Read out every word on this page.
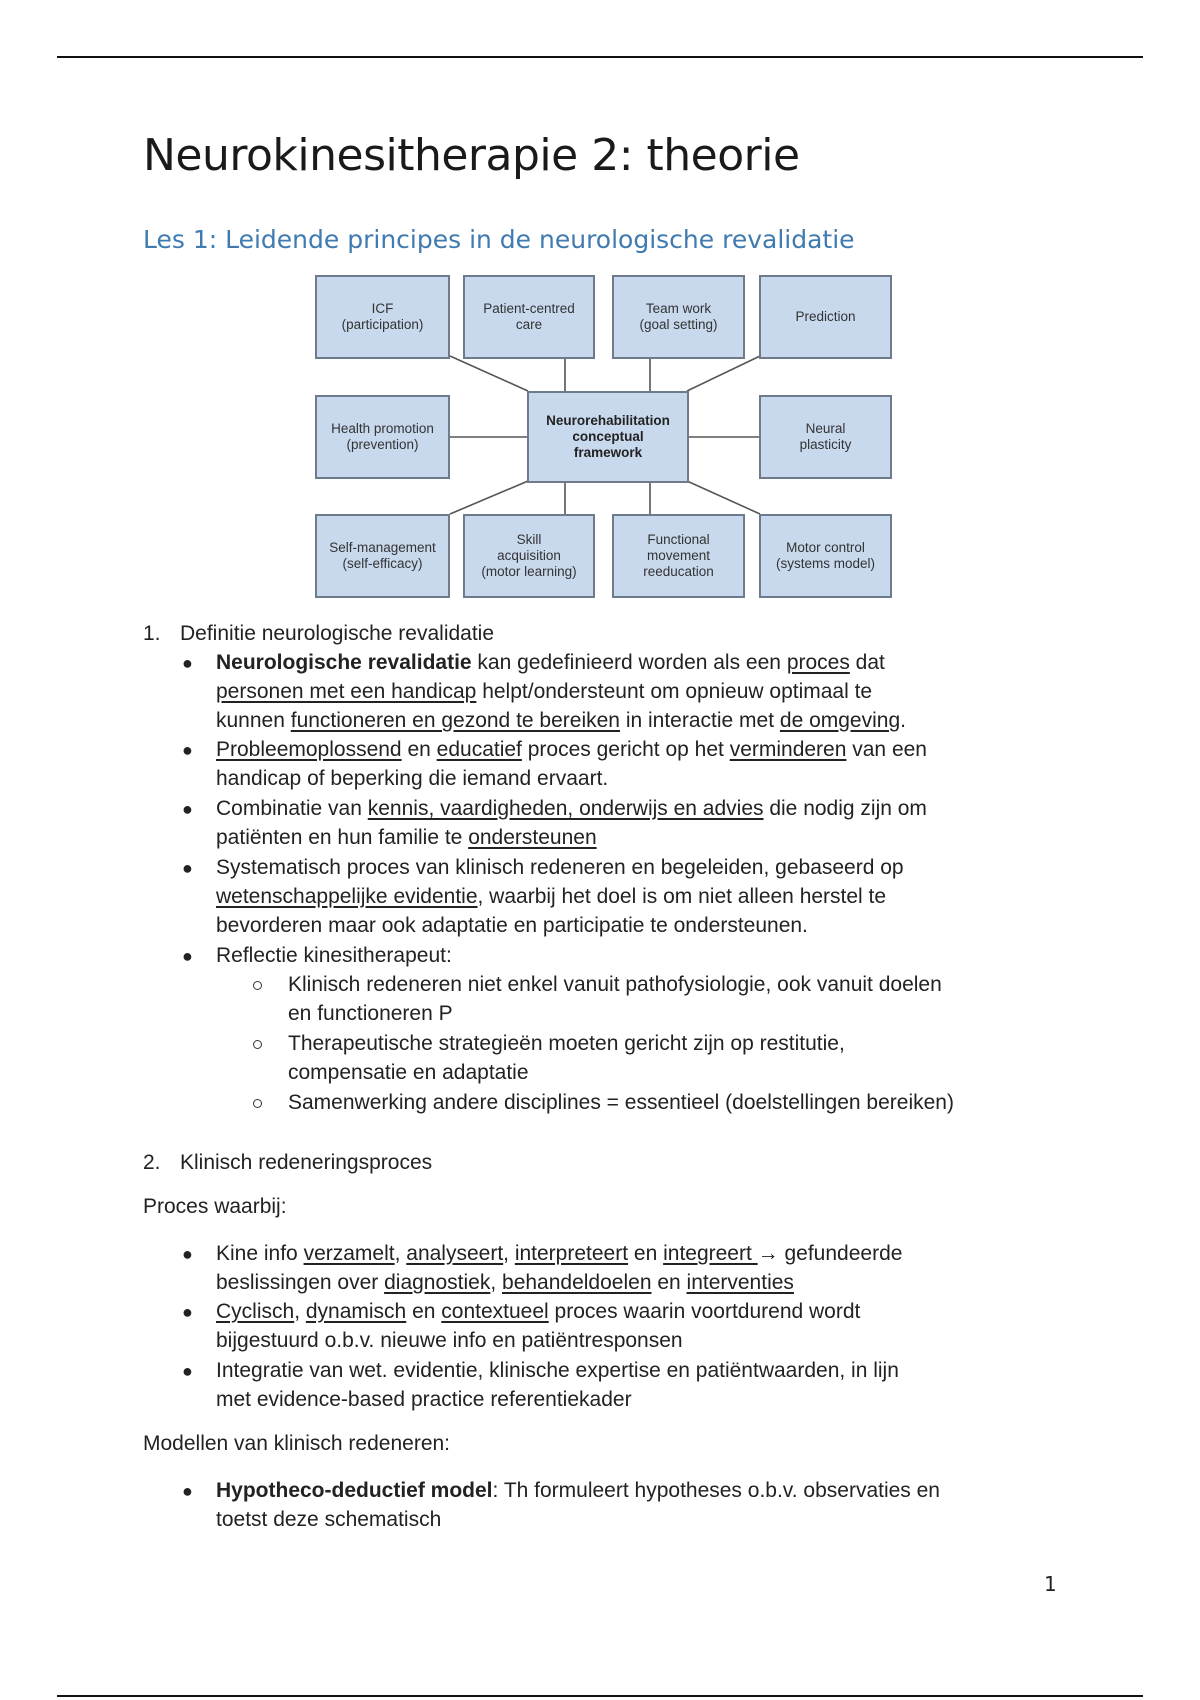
Neurokinesitherapie 2: theorie
Les 1: Leidende principes in de neurologische revalidatie
ICF
(participation)
Patient-centred
care
Team work
(goal setting)
Prediction
Health promotion
(prevention)
Neurorehabilitation
conceptual
framework
Neural
plasticity
Self-management
(self-efficacy)
Skill
acquisition
(motor learning)
Functional
movement
reeducation
Motor control
(systems model)
1. Definitie neurologische revalidatie
● Neurologische revalidatie kan gedefinieerd worden als een proces dat
personen met een handicap helpt/ondersteunt om opnieuw optimaal te
kunnen functioneren en gezond te bereiken in interactie met de omgeving.
● Probleemoplossend en educatief proces gericht op het verminderen van een
handicap of beperking die iemand ervaart.
● Combinatie van kennis, vaardigheden, onderwijs en advies die nodig zijn om
patiënten en hun familie te ondersteunen
● Systematisch proces van klinisch redeneren en begeleiden, gebaseerd op
wetenschappelijke evidentie, waarbij het doel is om niet alleen herstel te
bevorderen maar ook adaptatie en participatie te ondersteunen.
● Reflectie kinesitherapeut:
Klinisch redeneren niet enkel vanuit pathofysiologie, ook vanuit doelen
en functioneren P
Therapeutische strategieën moeten gericht zijn op restitutie,
compensatie en adaptatie
Samenwerking andere disciplines = essentieel (doelstellingen bereiken)
2. Klinisch redeneringsproces
Proces waarbij:
● Kine info verzamelt, analyseert, interpreteert en integreert → gefundeerde
beslissingen over diagnostiek, behandeldoelen en interventies
● Cyclisch, dynamisch en contextueel proces waarin voortdurend wordt
bijgestuurd o.b.v. nieuwe info en patiëntresponsen
● Integratie van wet. evidentie, klinische expertise en patiëntwaarden, in lijn
met evidence-based practice referentiekader
Modellen van klinisch redeneren:
● Hypotheco-deductief model: Th formuleert hypotheses o.b.v. observaties en
toetst deze schematisch
1
